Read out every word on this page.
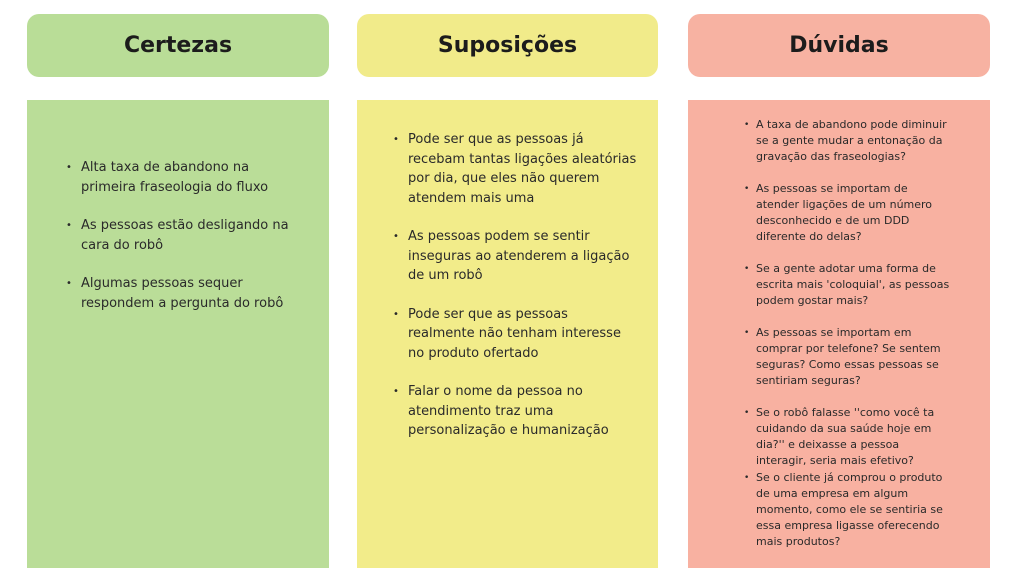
Certezas
• Alta taxa de abandono na primeira fraseologia do fluxo
• As pessoas estão desligando na cara do robô
• Algumas pessoas sequer respondem a pergunta do robô
Suposições
• Pode ser que as pessoas já recebam tantas ligações aleatórias por dia, que eles não querem atendem mais uma
• As pessoas podem se sentir inseguras ao atenderem a ligação de um robô
• Pode ser que as pessoas realmente não tenham interesse no produto ofertado
• Falar o nome da pessoa no atendimento traz uma personalização e humanização
Dúvidas
• A taxa de abandono pode diminuir se a gente mudar a entonação da gravação das fraseologias?
• As pessoas se importam de atender ligações de um número desconhecido e de um DDD diferente do delas?
• Se a gente adotar uma forma de escrita mais 'coloquial', as pessoas podem gostar mais?
• As pessoas se importam em comprar por telefone? Se sentem seguras? Como essas pessoas se sentiriam seguras?
• Se o robô falasse ''como você ta cuidando da sua saúde hoje em dia?'' e deixasse a pessoa interagir, seria mais efetivo?
• Se o cliente já comprou o produto de uma empresa em algum momento, como ele se sentiria se essa empresa ligasse oferecendo mais produtos?
